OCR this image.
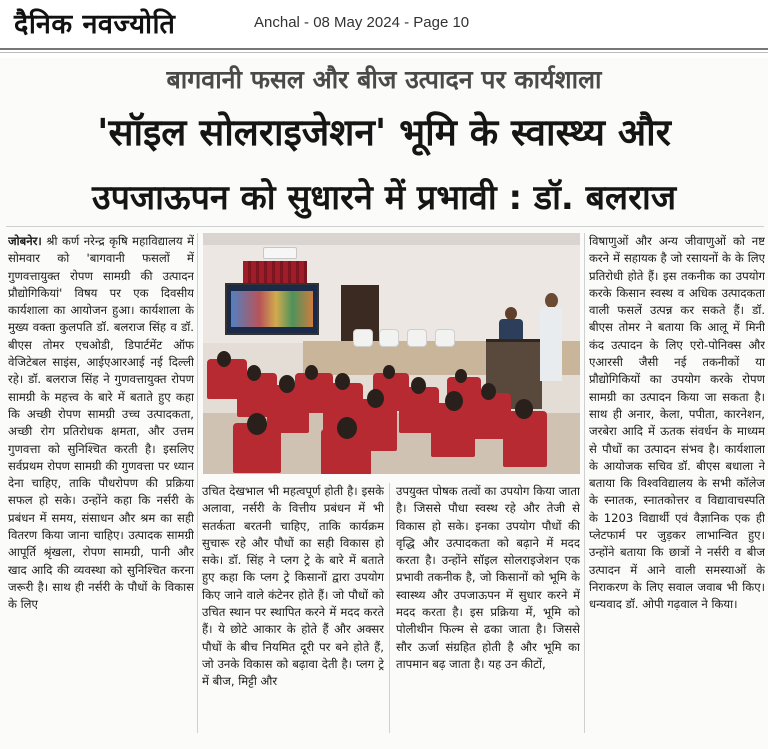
दैनिक नवज्योति	Anchal - 08 May 2024 - Page 10
बागवानी फसल और बीज उत्पादन पर कार्यशाला
'सॉइल सोलराइजेशन' भूमि के स्वास्थ्य और
उपजाऊपन को सुधारने में प्रभावी : डॉ. बलराज
जोबनेर। श्री कर्ण नरेन्द्र कृषि महाविद्यालय में सोमवार को 'बागवानी फसलों में गुणवत्तायुक्त रोपण सामग्री की उत्पादन प्रौद्योगिकियां' विषय पर एक दिवसीय कार्यशाला का आयोजन हुआ। कार्यशाला के मुख्य वक्ता कुलपति डॉ. बलराज सिंह व डॉ. बीएस तोमर एचओडी, डिपार्टमेंट ऑफ वेजिटेबल साइंस, आईएआरआई नई दिल्ली रहे। डॉ. बलराज सिंह ने गुणवत्तायुक्त रोपण सामग्री के महत्त्व के बारे में बताते हुए कहा कि अच्छी रोपण सामग्री उच्च उत्पादकता, अच्छी रोग प्रतिरोधक क्षमता, और उत्तम गुणवत्ता को सुनिश्चित करती है। इसलिए सर्वप्रथम रोपण सामग्री की गुणवत्ता पर ध्यान देना चाहिए, ताकि पौधरोपण की प्रक्रिया सफल हो सके। उन्होंने कहा कि नर्सरी के प्रबंधन में समय, संसाधन और श्रम का सही वितरण किया जाना चाहिए। उत्पादक सामग्री आपूर्ति श्रृंखला, रोपण सामग्री, पानी और खाद आदि की व्यवस्था को सुनिश्चित करना जरूरी है। साथ ही नर्सरी के पौधों के विकास के लिए
उचित देखभाल भी महत्वपूर्ण होती है। इसके अलावा, नर्सरी के वित्तीय प्रबंधन में भी सतर्कता बरतनी चाहिए, ताकि कार्यक्रम सुचारू रहे और पौधों का सही विकास हो सके। डॉ. सिंह ने प्लग ट्रे के बारे में बताते हुए कहा कि प्लग ट्रे किसानों द्वारा उपयोग किए जाने वाले कंटेनर होते हैं। जो पौधों को उचित स्थान पर स्थापित करने में मदद करते हैं। ये छोटे आकार के होते हैं और अक्सर पौधों के बीच नियमित दूरी पर बने होते हैं, जो उनके विकास को बढ़ावा देती है। प्लग ट्रे में बीज, मिट्टी और
उपयुक्त पोषक तत्वों का उपयोग किया जाता है। जिससे पौधा स्वस्थ रहे और तेजी से विकास हो सके। इनका उपयोग पौधों की वृद्धि और उत्पादकता को बढ़ाने में मदद करता है। उन्होंने सॉइल सोलराइजेशन एक प्रभावी तकनीक है, जो किसानों को भूमि के स्वास्थ्य और उपजाऊपन में सुधार करने में मदद करता है। इस प्रक्रिया में, भूमि को पोलीथीन फिल्म से ढका जाता है। जिससे सौर ऊर्जा संग्रहित होती है और भूमि का तापमान बढ़ जाता है। यह उन कीटों,
विषाणुओं और अन्य जीवाणुओं को नष्ट करने में सहायक है जो रसायनों के के लिए प्रतिरोधी होते हैं। इस तकनीक का उपयोग करके किसान स्वस्थ व अधिक उत्पादकता वाली फसलें उत्पन्न कर सकते हैं। डॉ. बीएस तोमर ने बताया कि आलू में मिनी कंद उत्पादन के लिए एरो-पोनिक्स और एआरसी जैसी नई तकनीकों या प्रौद्योगिकियों का उपयोग करके रोपण सामग्री का उत्पादन किया जा सकता है। साथ ही अनार, केला, पपीता, कारनेशन, जरबेरा आदि में ऊतक संवर्धन के माध्यम से पौधों का उत्पादन संभव है। कार्यशाला के आयोजक सचिव डॉ. बीएस बधाला ने बताया कि विश्वविद्यालय के सभी कॉलेज के स्नातक, स्नातकोत्तर व विद्यावाचस्पति के 1203 विद्यार्थी एवं वैज्ञानिक एक ही प्लेटफार्म पर जुड़कर लाभान्वित हुए। उन्होंने बताया कि छात्रों ने नर्सरी व बीज उत्पादन में आने वाली समस्याओं के निराकरण के लिए सवाल जवाब भी किए। धन्यवाद डॉ. ओपी गढ़वाल ने किया।
